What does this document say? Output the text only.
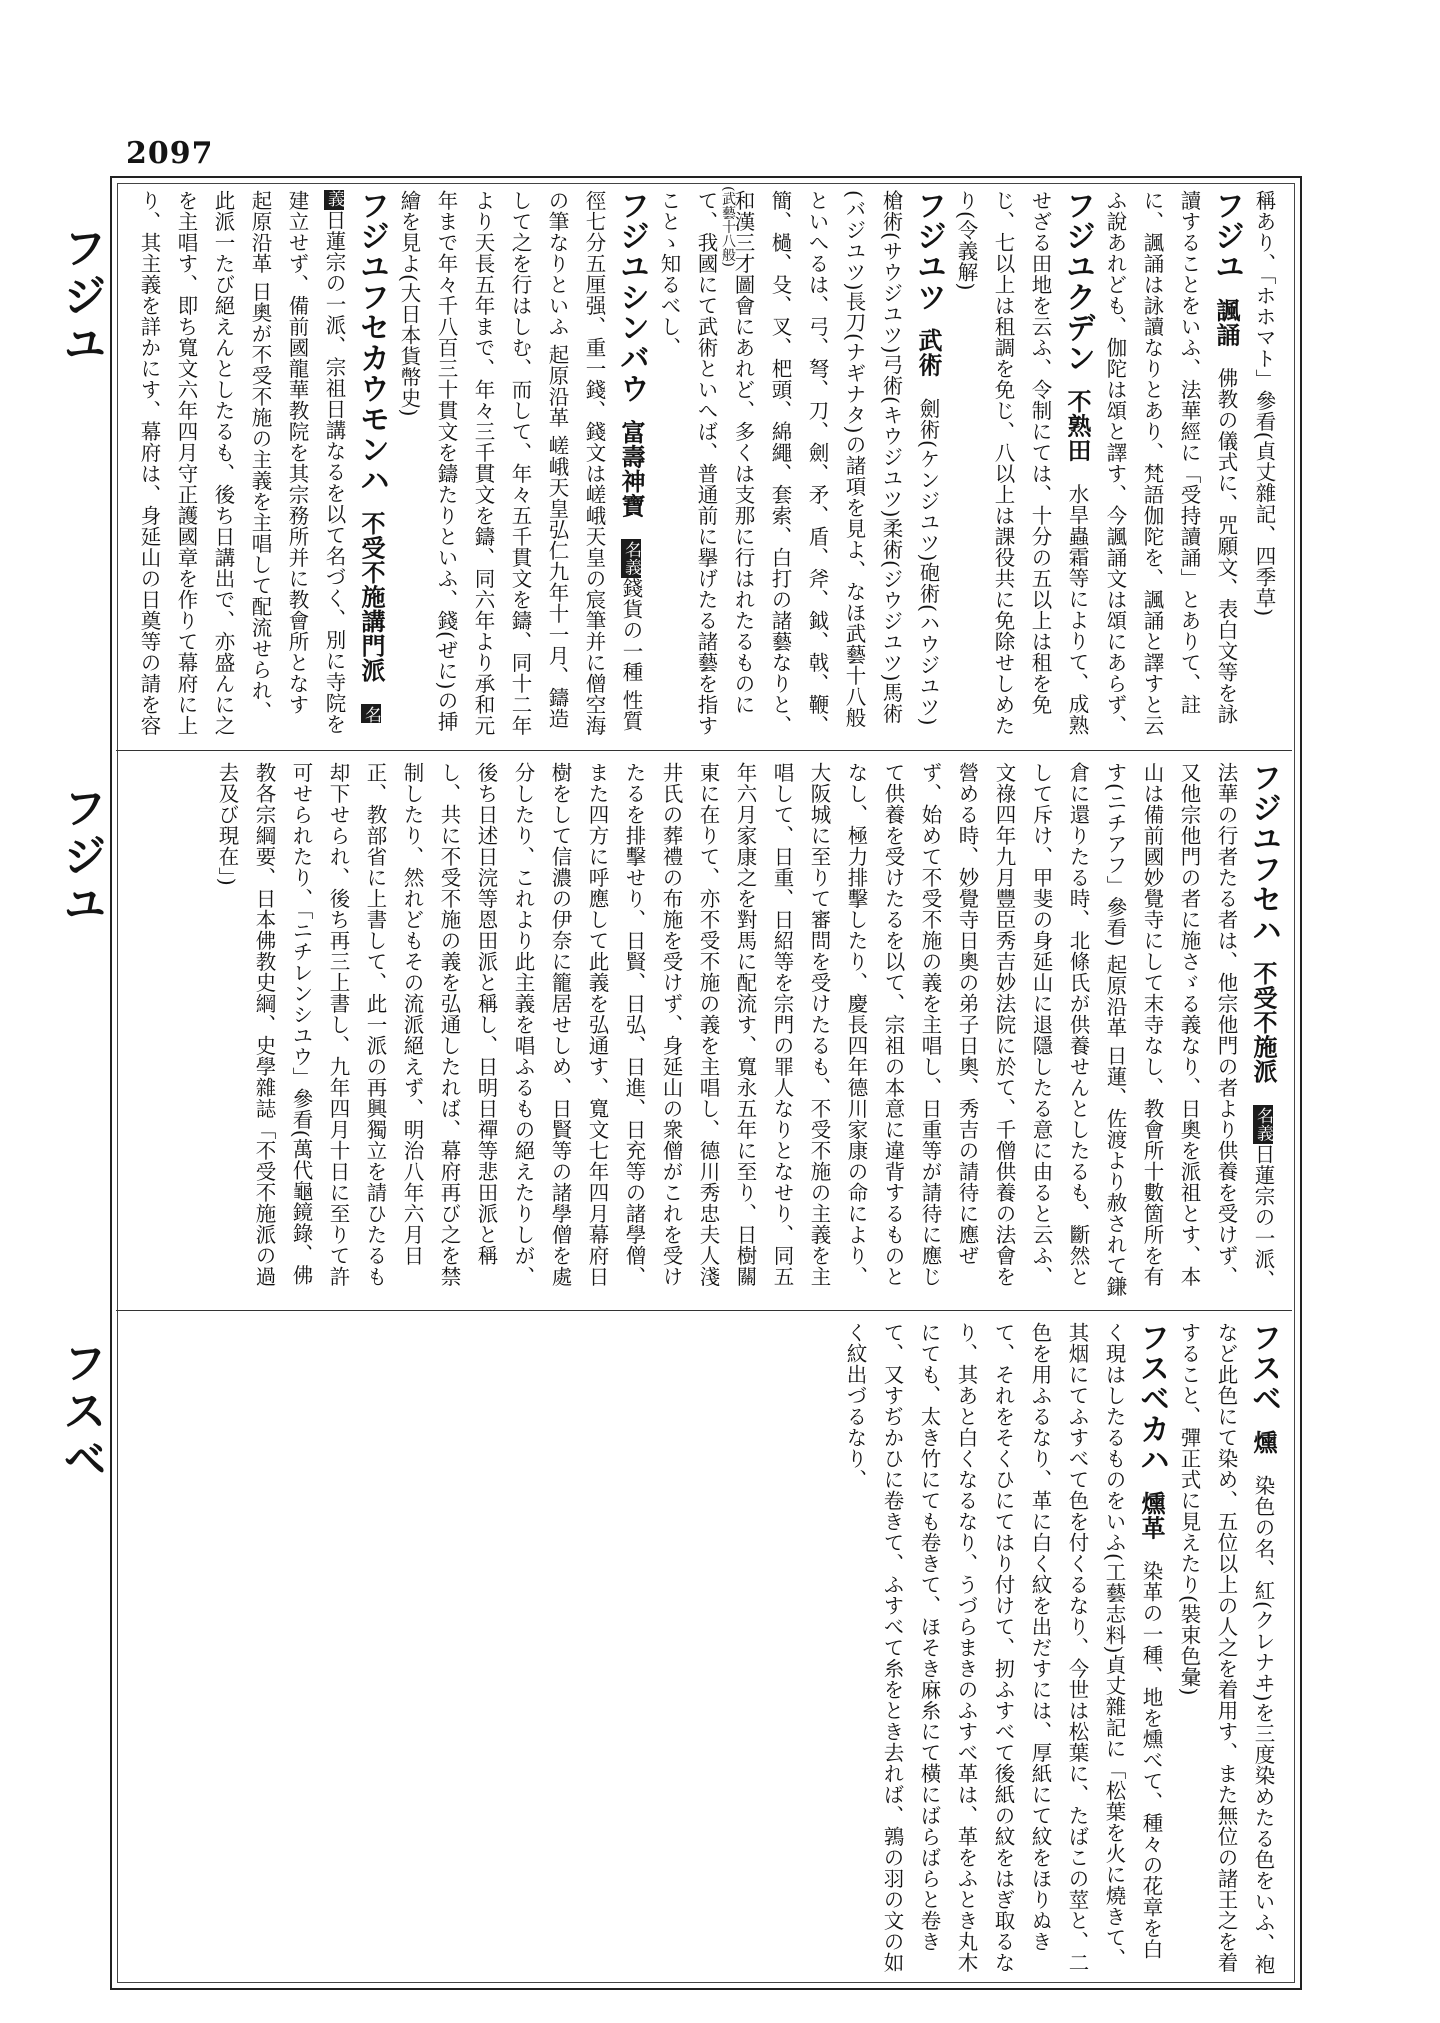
2097
フジユ
フジユ
フスベ
(武藝十八般)	稱あり、「ホホマト」參看(貞丈雜記、四季草)
フジユ諷誦　佛教の儀式に、咒願文、表白文等を詠讀することをいふ、法華經に「受持讀誦」とありて、註に、諷誦は詠讀なりとあり、梵語伽陀を、諷誦と譯すと云ふ說あれども、伽陀は頌と譯す、今諷誦文は頌にあらず、
フジユクデン不熟田　水旱蟲霜等によりて、成熟せざる田地を云ふ、令制にては、十分の五以上は租を免じ、七以上は租調を免じ、八以上は課役共に免除せしめたり(令義解)
フジユツ武術　劍術(ケンジユツ)砲術(ハウジユツ)槍術(サウジユツ)弓術(キウジユツ)柔術(ジウジユツ)馬術(バジユツ)長刀(ナギナタ)の諸項を見よ、なほ武藝十八般といへるは、弓、弩、刀、劍、矛、盾、斧、鉞、戟、鞭、簡、檛、殳、叉、杷頭、綿繩、套索、白打の諸藝なりと、和漢三才圖會にあれど、多くは支那に行はれたるものにて、我國にて武術といへば、普通前に擧げたる諸藝を指すことゝ知るべし、
フジユシンバウ富壽神寶　名義錢貨の一種 性質 徑七分五厘强、重一錢、錢文は嵯峨天皇の宸筆并に僧空海の筆なりといふ 起原沿革 嵯峨天皇弘仁九年十一月、鑄造して之を行はしむ、而して、年々五千貫文を鑄、同十二年より天長五年まで、年々三千貫文を鑄、同六年より承和元年まで年々千八百三十貫文を鑄たりといふ、錢(ぜに)の挿繪を見よ(大日本貨幣史)
フジユフセカウモンハ不受不施講門派　名義日蓮宗の一派、宗祖日講なるを以て名づく、別に寺院を建立せず、備前國龍華教院を其宗務所并に教會所となす 起原沿革 日奧が不受不施の主義を主唱して配流せられ、此派一たび絕えんとしたるも、後ち日講出で、亦盛んに之を主唱す、即ち寬文六年四月守正護國章を作りて幕府に上り、其主義を詳かにす、幕府は、身延山の日奠等の請を容
フジユフセハ不受不施派　名義日蓮宗の一派、法華の行者たる者は、他宗他門の者より供養を受けず、又他宗他門の者に施さゞる義なり、日奧を派祖とす、本山は備前國妙覺寺にして末寺なし、教會所十數箇所を有す(ニチアフ」參看) 起原沿革 日蓮、佐渡より赦されて鎌倉に還りたる時、北條氏が供養せんとしたるも、斷然として斥け、甲斐の身延山に退隱したる意に由ると云ふ、文祿四年九月豐臣秀吉妙法院に於て、千僧供養の法會を營める時、妙覺寺日奧の弟子日奧、秀吉の請待に應ぜず、始めて不受不施の義を主唱し、日重等が請待に應じて供養を受けたるを以て、宗祖の本意に違背するものとなし、極力排擊したり、慶長四年德川家康の命により、大阪城に至りて審問を受けたるも、不受不施の主義を主唱して、日重、日紹等を宗門の罪人なりとなせり、同五年六月家康之を對馬に配流す、寬永五年に至り、日樹關東に在りて、亦不受不施の義を主唱し、德川秀忠夫人淺井氏の葬禮の布施を受けず、身延山の衆僧がこれを受けたるを排擊せり、日賢、日弘、日進、日充等の諸學僧、また四方に呼應して此義を弘通す、寬文七年四月幕府日樹をして信濃の伊奈に籠居せしめ、日賢等の諸學僧を處分したり、これより此主義を唱ふるもの絕えたりしが、後ち日述日浣等恩田派と稱し、日明日禪等悲田派と稱し、共に不受不施の義を弘通したれば、幕府再び之を禁制したり、然れどもその流派絕えず、明治八年六月日正、教部省に上書して、此一派の再興獨立を請ひたるも却下せられ、後ち再三上書し、九年四月十日に至りて許可せられたり、「ニチレンシユウ」參看(萬代龜鏡錄、佛教各宗綱要、日本佛教史綱、史學雜誌「不受不施派の過去及び現在」)
フスベ燻　染色の名、紅(クレナヰ)を三度染めたる色をいふ、袍など此色にて染め、五位以上の人之を着用す、また無位の諸王之を着すること、彈正式に見えたり(裝束色彙)
フスベカハ燻革　染革の一種、地を燻べて、種々の花章を白く現はしたるものをいふ(工藝志料)貞丈雜記に「松葉を火に燒きて、其烟にてふすべて色を付くるなり、今世は松葉に、たばこの莖と、二色を用ふるなり、革に白く紋を出だすには、厚紙にて紋をほりぬきて、それをそくひにてはり付けて、扨ふすべて後紙の紋をはぎ取るなり、其あと白くなるなり、うづらまきのふすべ革は、革をふとき丸木にても、太き竹にても卷きて、ほそき麻糸にて橫にばらばらと卷きて、又すぢかひに卷きて、ふすべて糸をとき去れば、鶉の羽の文の如く紋出づるなり、
